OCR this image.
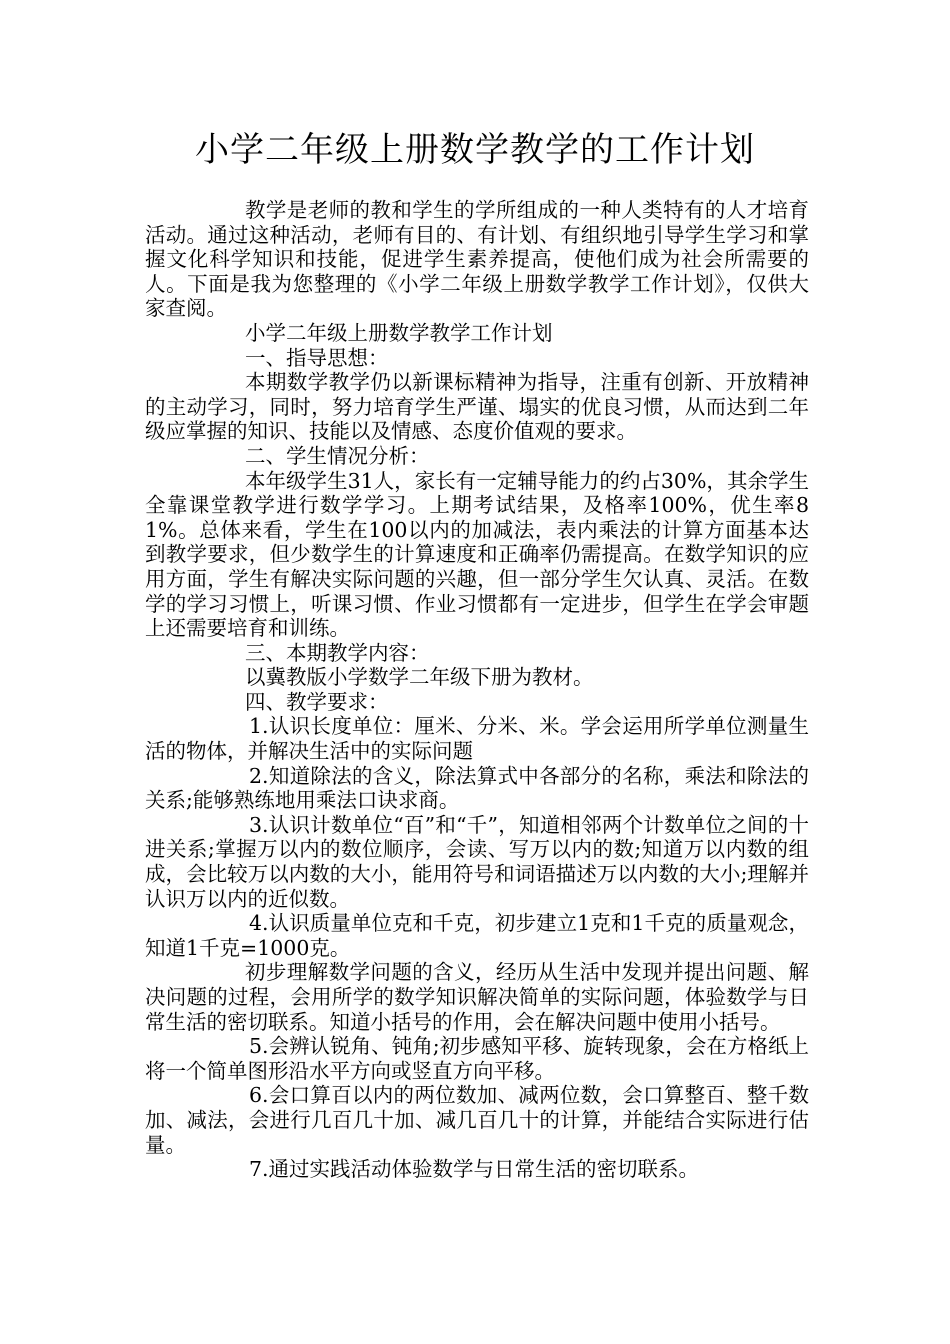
小学二年级上册数学教学的工作计划

教学是老师的教和学生的学所组成的一种人类特有的人才培育活动。通过这种活动，老师有目的、有计划、有组织地引导学生学习和掌握文化科学知识和技能，促进学生素养提高，使他们成为社会所需要的人。下面是我为您整理的《小学二年级上册数学教学工作计划》，仅供大家查阅。

小学二年级上册数学教学工作计划

一、指导思想：

本期数学教学仍以新课标精神为指导，注重有创新、开放精神的主动学习，同时，努力培育学生严谨、塌实的优良习惯，从而达到二年级应掌握的知识、技能以及情感、态度价值观的要求。

二、学生情况分析：

本年级学生31人，家长有一定辅导能力的约占30%，其余学生全靠课堂教学进行数学学习。上期考试结果，及格率100%，优生率81%。总体来看，学生在100以内的加减法，表内乘法的计算方面基本达到教学要求，但少数学生的计算速度和正确率仍需提高。在数学知识的应用方面，学生有解决实际问题的兴趣，但一部分学生欠认真、灵活。在数学的学习习惯上，听课习惯、作业习惯都有一定进步，但学生在学会审题上还需要培育和训练。

三、本期教学内容：

以冀教版小学数学二年级下册为教材。

四、教学要求：

1.认识长度单位：厘米、分米、米。学会运用所学单位测量生活的物体，并解决生活中的实际问题

2.知道除法的含义，除法算式中各部分的名称，乘法和除法的关系;能够熟练地用乘法口诀求商。

3.认识计数单位“百”和“千”，知道相邻两个计数单位之间的十进关系;掌握万以内的数位顺序，会读、写万以内的数;知道万以内数的组成，会比较万以内数的大小，能用符号和词语描述万以内数的大小;理解并认识万以内的近似数。

4.认识质量单位克和千克，初步建立1克和1千克的质量观念，知道1千克=1000克。

初步理解数学问题的含义，经历从生活中发现并提出问题、解决问题的过程，会用所学的数学知识解决简单的实际问题，体验数学与日常生活的密切联系。知道小括号的作用，会在解决问题中使用小括号。

5.会辨认锐角、钝角;初步感知平移、旋转现象，会在方格纸上将一个简单图形沿水平方向或竖直方向平移。

6.会口算百以内的两位数加、减两位数，会口算整百、整千数加、减法，会进行几百几十加、减几百几十的计算，并能结合实际进行估量。

7.通过实践活动体验数学与日常生活的密切联系。
